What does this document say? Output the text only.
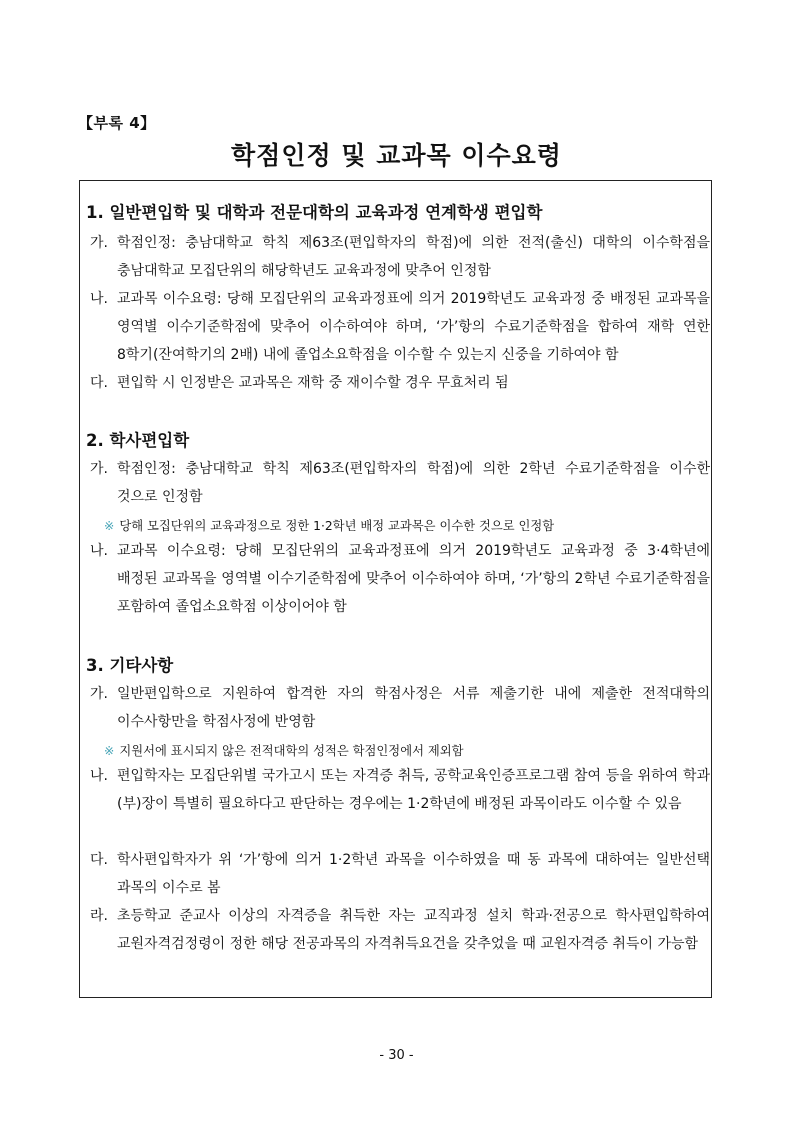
【부록 4】
학점인정 및 교과목 이수요령
1. 일반편입학 및 대학과 전문대학의 교육과정 연계학생 편입학
가. 학점인정: 충남대학교 학칙 제63조(편입학자의 학점)에 의한 전적(출신) 대학의 이수학점을 충남대학교 모집단위의 해당학년도 교육과정에 맞추어 인정함
나. 교과목 이수요령: 당해 모집단위의 교육과정표에 의거 2019학년도 교육과정 중 배정된 교과목을 영역별 이수기준학점에 맞추어 이수하여야 하며, ‘가’항의 수료기준학점을 합하여 재학 연한 8학기(잔여학기의 2배) 내에 졸업소요학점을 이수할 수 있는지 신중을 기하여야 함
다. 편입학 시 인정받은 교과목은 재학 중 재이수할 경우 무효처리 됨
2. 학사편입학
가. 학점인정: 충남대학교 학칙 제63조(편입학자의 학점)에 의한 2학년 수료기준학점을 이수한 것으로 인정함
※ 당해 모집단위의 교육과정으로 정한 1·2학년 배정 교과목은 이수한 것으로 인정함
나. 교과목 이수요령: 당해 모집단위의 교육과정표에 의거 2019학년도 교육과정 중 3·4학년에 배정된 교과목을 영역별 이수기준학점에 맞추어 이수하여야 하며, ‘가’항의 2학년 수료기준학점을 포함하여 졸업소요학점 이상이어야 함
3. 기타사항
가. 일반편입학으로 지원하여 합격한 자의 학점사정은 서류 제출기한 내에 제출한 전적대학의 이수사항만을 학점사정에 반영함
※ 지원서에 표시되지 않은 전적대학의 성적은 학점인정에서 제외함
나. 편입학자는 모집단위별 국가고시 또는 자격증 취득, 공학교육인증프로그램 참여 등을 위하여 학과(부)장이 특별히 필요하다고 판단하는 경우에는 1·2학년에 배정된 과목이라도 이수할 수 있음
다. 학사편입학자가 위 ‘가’항에 의거 1·2학년 과목을 이수하였을 때 동 과목에 대하여는 일반선택 과목의 이수로 봄
라. 초등학교 준교사 이상의 자격증을 취득한 자는 교직과정 설치 학과·전공으로 학사편입학하여 교원자격검정령이 정한 해당 전공과목의 자격취득요건을 갖추었을 때 교원자격증 취득이 가능함
- 30 -
